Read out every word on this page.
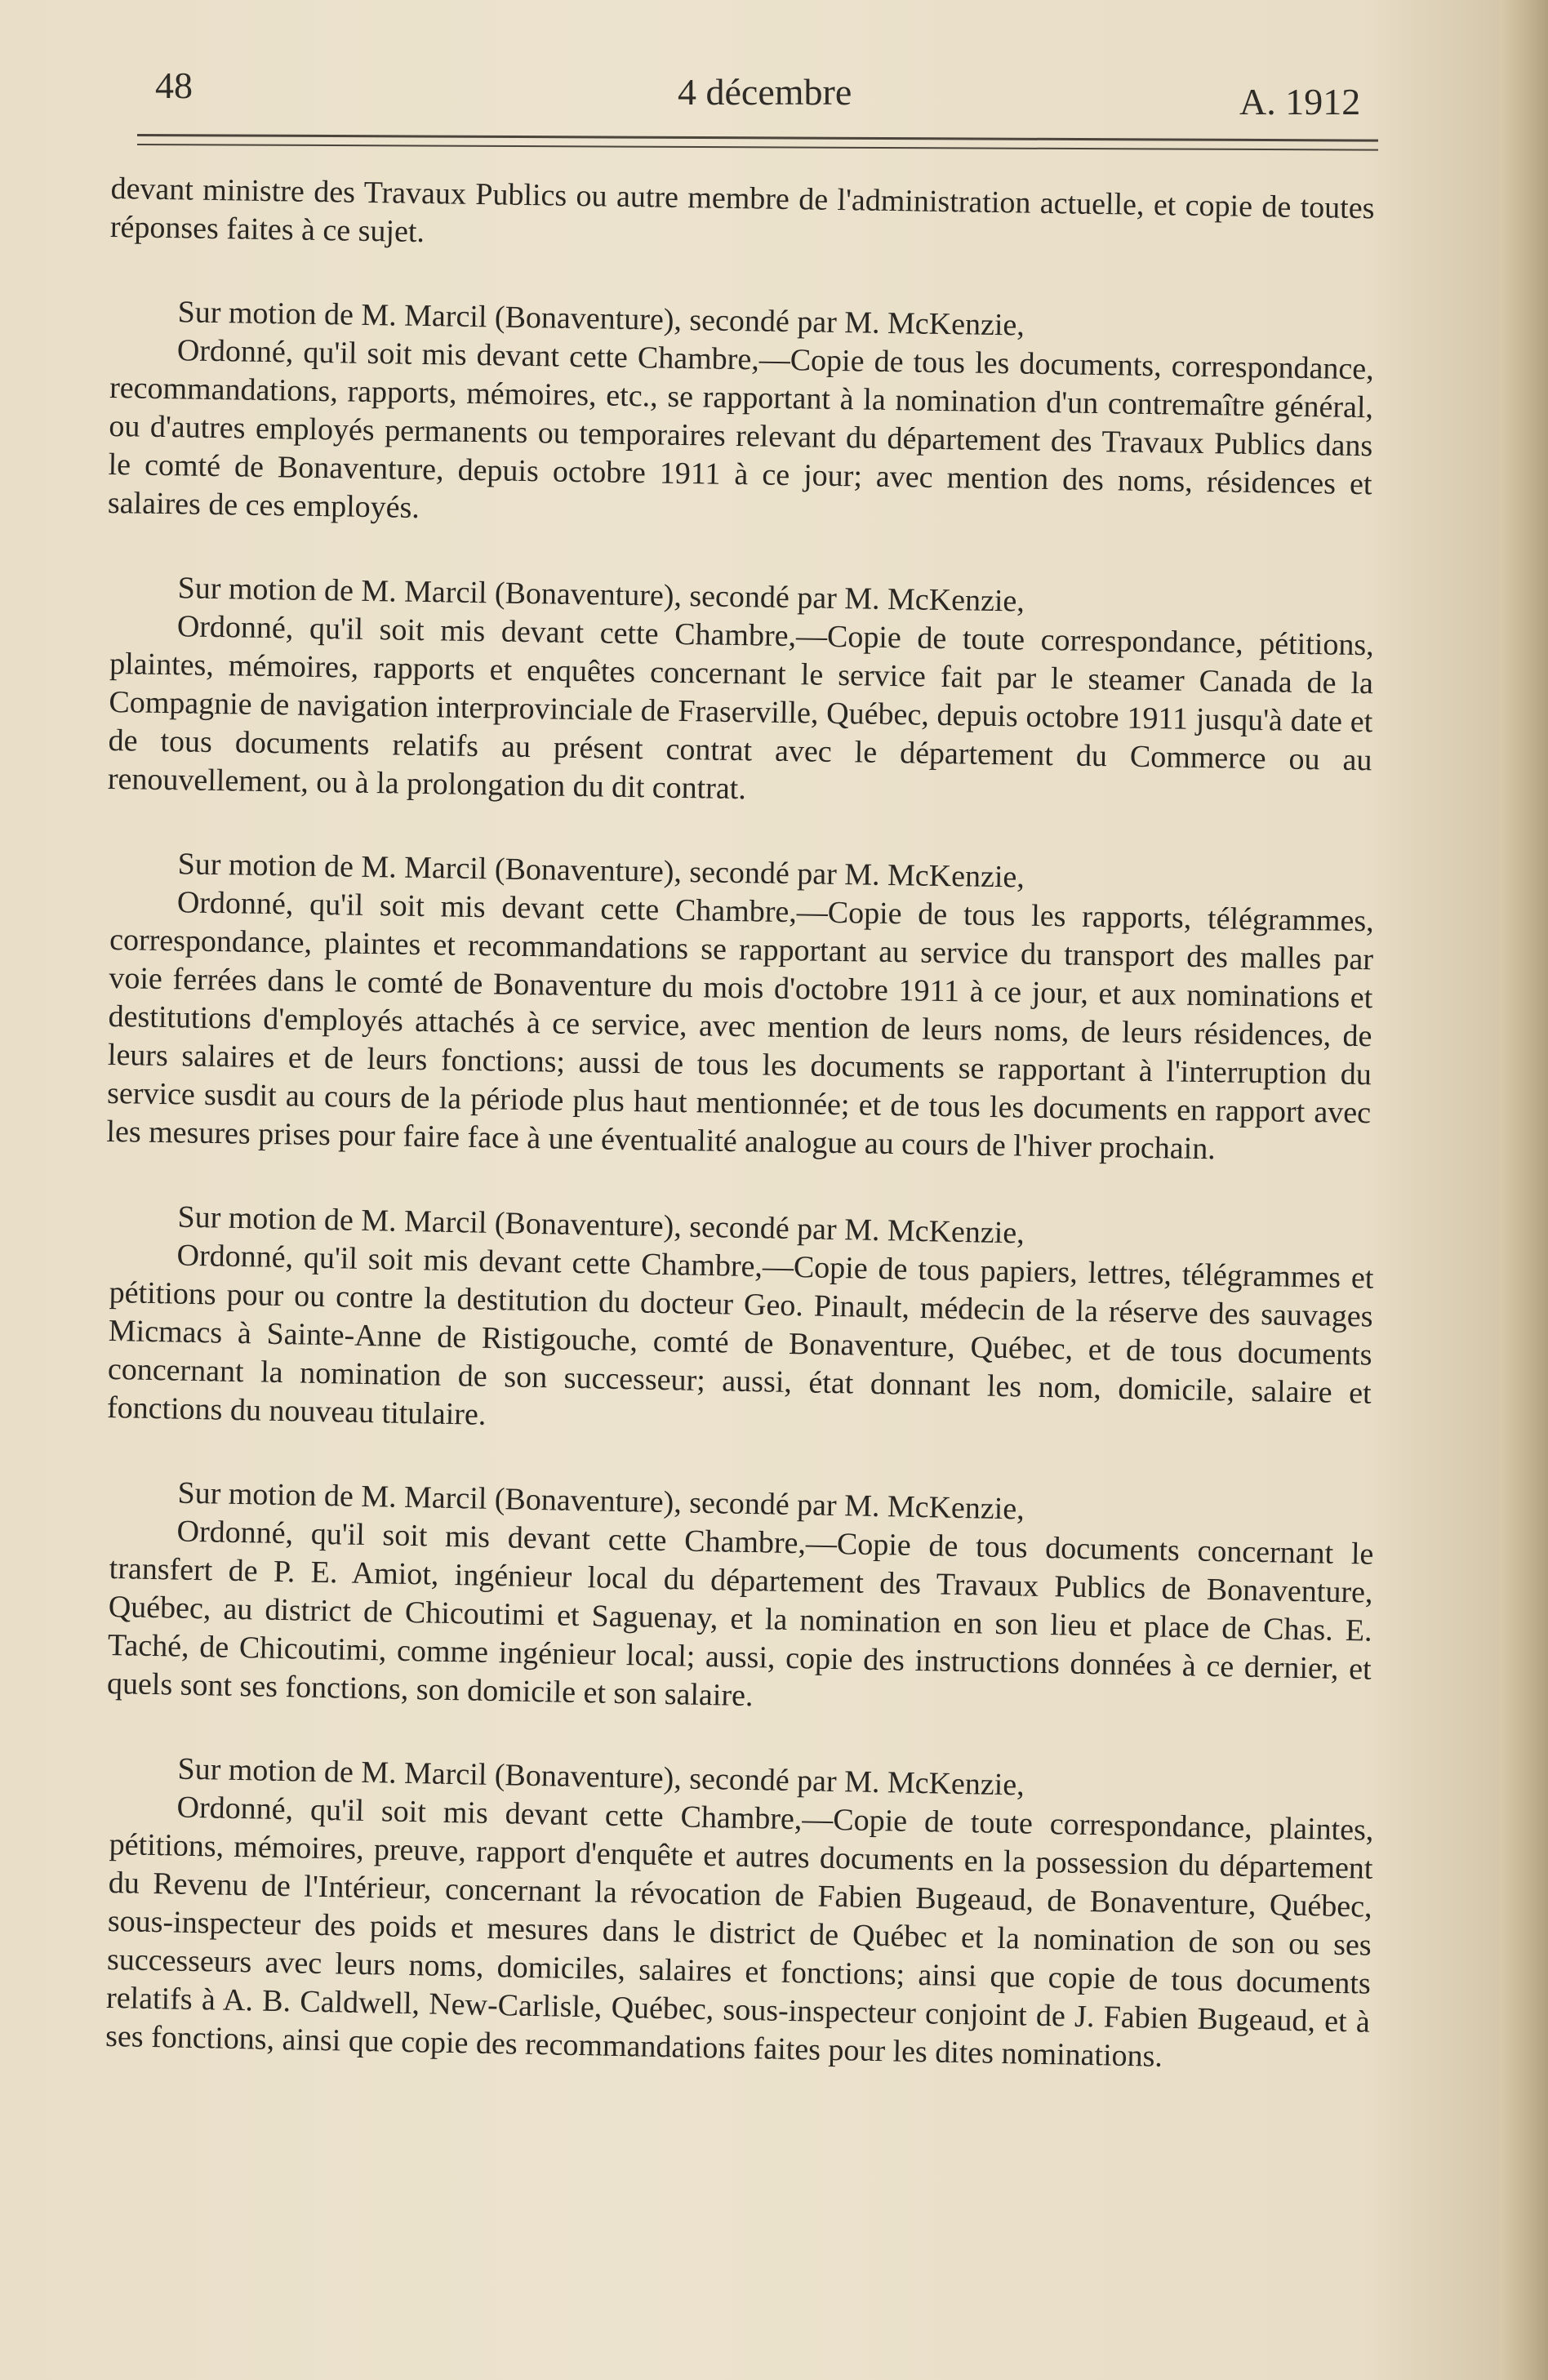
48	4 décembre	A. 1912

devant ministre des Travaux Publics ou autre membre de l'administration actuelle, et copie de toutes réponses faites à ce sujet.

Sur motion de M. Marcil (Bonaventure), secondé par M. McKenzie,

Ordonné, qu'il soit mis devant cette Chambre,—Copie de tous les documents, correspondance, recommandations, rapports, mémoires, etc., se rapportant à la nomination d'un contremaître général, ou d'autres employés permanents ou temporaires relevant du département des Travaux Publics dans le comté de Bonaventure, depuis octobre 1911 à ce jour; avec mention des noms, résidences et salaires de ces employés.

Sur motion de M. Marcil (Bonaventure), secondé par M. McKenzie,

Ordonné, qu'il soit mis devant cette Chambre,—Copie de toute correspondance, pétitions, plaintes, mémoires, rapports et enquêtes concernant le service fait par le steamer Canada de la Compagnie de navigation interprovinciale de Fraserville, Québec, depuis octobre 1911 jusqu'à date et de tous documents relatifs au présent contrat avec le département du Commerce ou au renouvellement, ou à la prolongation du dit contrat.

Sur motion de M. Marcil (Bonaventure), secondé par M. McKenzie,

Ordonné, qu'il soit mis devant cette Chambre,—Copie de tous les rapports, télégrammes, correspondance, plaintes et recommandations se rapportant au service du transport des malles par voie ferrées dans le comté de Bonaventure du mois d'octobre 1911 à ce jour, et aux nominations et destitutions d'employés attachés à ce service, avec mention de leurs noms, de leurs résidences, de leurs salaires et de leurs fonctions; aussi de tous les documents se rapportant à l'interruption du service susdit au cours de la période plus haut mentionnée; et de tous les documents en rapport avec les mesures prises pour faire face à une éventualité analogue au cours de l'hiver prochain.

Sur motion de M. Marcil (Bonaventure), secondé par M. McKenzie,

Ordonné, qu'il soit mis devant cette Chambre,—Copie de tous papiers, lettres, télégrammes et pétitions pour ou contre la destitution du docteur Geo. Pinault, médecin de la réserve des sauvages Micmacs à Sainte-Anne de Ristigouche, comté de Bonaventure, Québec, et de tous documents concernant la nomination de son successeur; aussi, état donnant les nom, domicile, salaire et fonctions du nouveau titulaire.

Sur motion de M. Marcil (Bonaventure), secondé par M. McKenzie,

Ordonné, qu'il soit mis devant cette Chambre,—Copie de tous documents concernant le transfert de P. E. Amiot, ingénieur local du département des Travaux Publics de Bonaventure, Québec, au district de Chicoutimi et Saguenay, et la nomination en son lieu et place de Chas. E. Taché, de Chicoutimi, comme ingénieur local; aussi, copie des instructions données à ce dernier, et quels sont ses fonctions, son domicile et son salaire.

Sur motion de M. Marcil (Bonaventure), secondé par M. McKenzie,

Ordonné, qu'il soit mis devant cette Chambre,—Copie de toute correspondance, plaintes, pétitions, mémoires, preuve, rapport d'enquête et autres documents en la possession du département du Revenu de l'Intérieur, concernant la révocation de Fabien Bugeaud, de Bonaventure, Québec, sous-inspecteur des poids et mesures dans le district de Québec et la nomination de son ou ses successeurs avec leurs noms, domiciles, salaires et fonctions; ainsi que copie de tous documents relatifs à A. B. Caldwell, New-Carlisle, Québec, sous-inspecteur conjoint de J. Fabien Bugeaud, et à ses fonctions, ainsi que copie des recommandations faites pour les dites nominations.
